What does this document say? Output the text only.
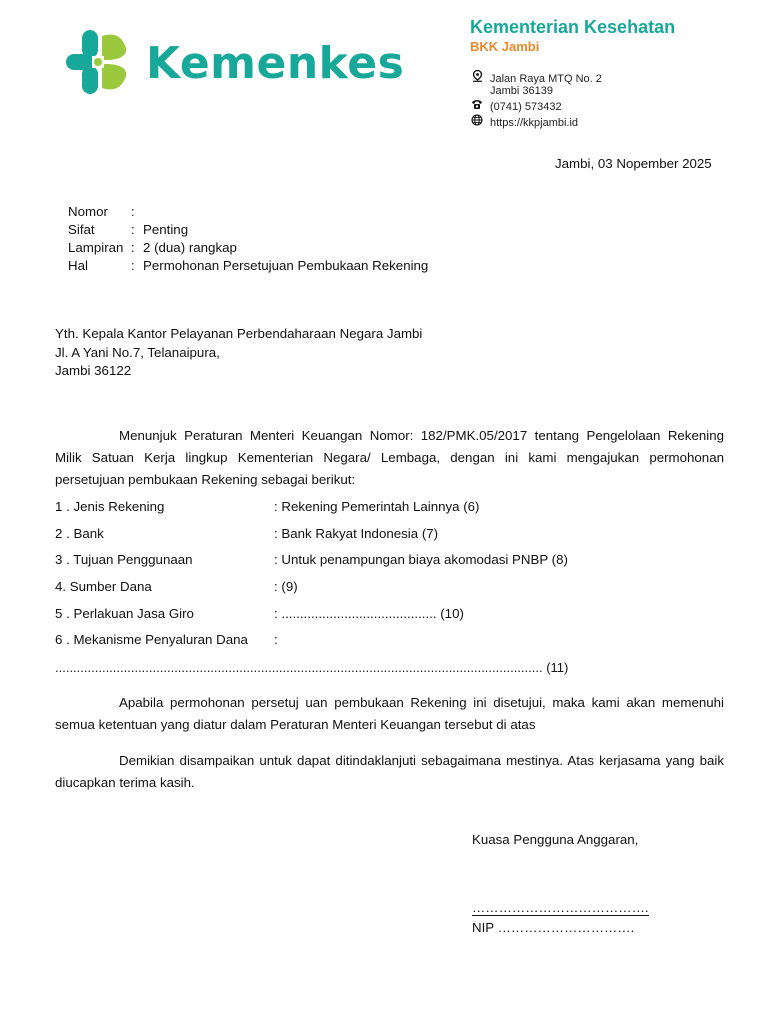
Kemenkes
Kementerian Kesehatan
BKK Jambi
Jalan Raya MTQ No. 2
Jambi 36139
(0741) 573432
https://kkpjambi.id
Jambi, 03 Nopember 2025
Nomor :
Sifat	: Penting
Lampiran : 2 (dua) rangkap
Hal	: Permohonan Persetujuan Pembukaan Rekening
Yth. Kepala Kantor Pelayanan Perbendaharaan Negara Jambi
Jl. A Yani No.7, Telanaipura,
Jambi 36122
Menunjuk Peraturan Menteri Keuangan Nomor: 182/PMK.05/2017 tentang Pengelolaan Rekening Milik Satuan Kerja lingkup Kementerian Negara/ Lembaga, dengan ini kami mengajukan permohonan persetujuan pembukaan Rekening sebagai berikut:
1 . Jenis Rekening	: Rekening Pemerintah Lainnya (6)
2 . Bank	: Bank Rakyat Indonesia (7)
3 . Tujuan Penggunaan	: Untuk penampungan biaya akomodasi PNBP (8)
4. Sumber Dana	: (9)
5 . Perlakuan Jasa Giro	: .......................................... (10)
6 . Mekanisme Penyaluran Dana :
....................................................................................................................................... (11)
Apabila permohonan persetuj uan pembukaan Rekening ini disetujui, maka kami akan memenuhi semua ketentuan yang diatur dalam Peraturan Menteri Keuangan tersebut di atas
Demikian disampaikan untuk dapat ditindaklanjuti sebagaimana mestinya. Atas kerjasama yang baik diucapkan terima kasih.
Kuasa Pengguna Anggaran,
………………………………….
NIP ………………………….
